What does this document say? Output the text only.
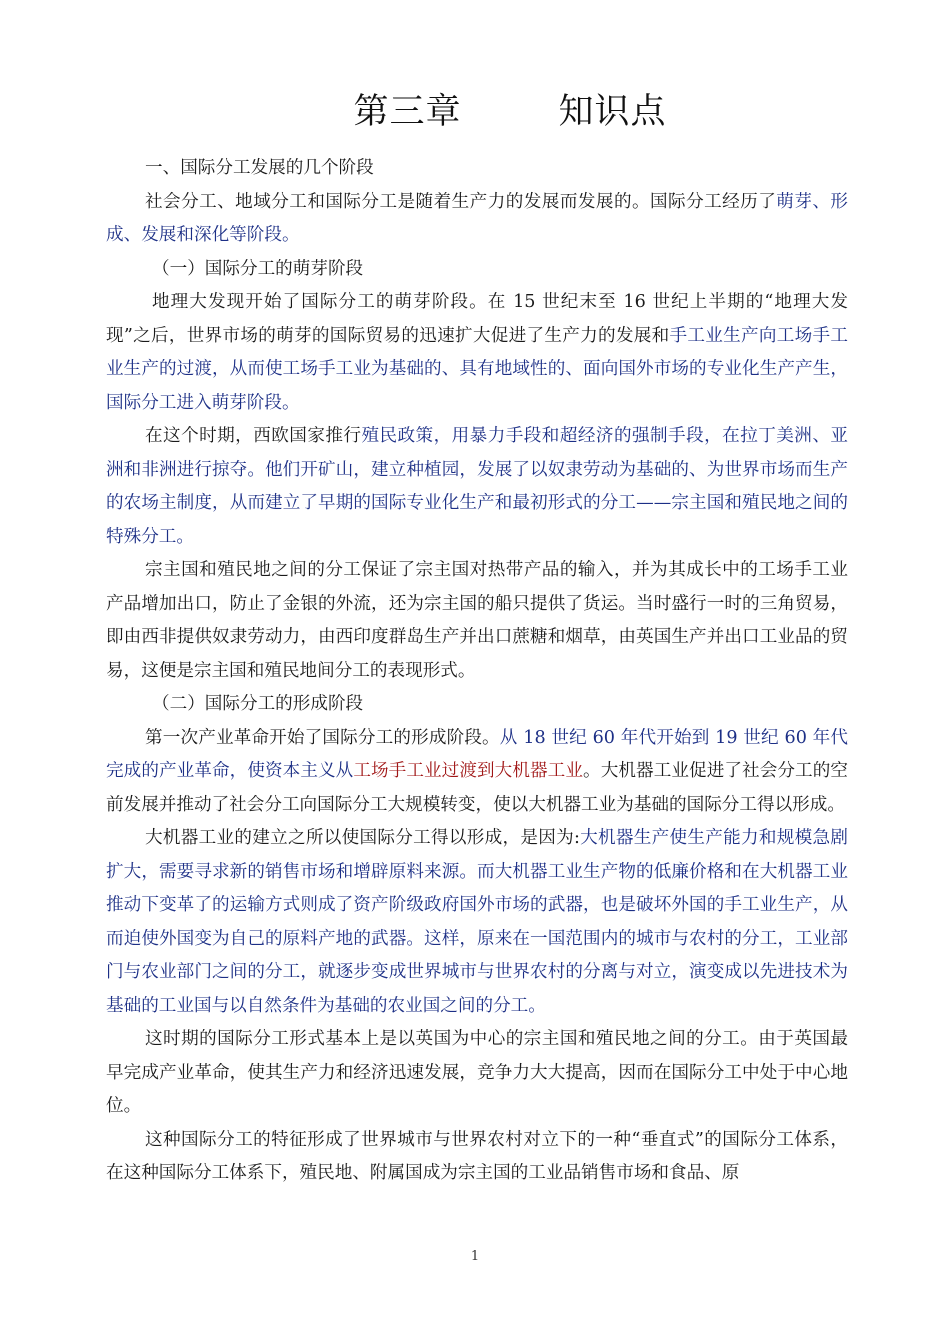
第三章        知识点

一、国际分工发展的几个阶段

社会分工、地域分工和国际分工是随着生产力的发展而发展的。国际分工经历了萌芽、形成、发展和深化等阶段。

（一）国际分工的萌芽阶段

地理大发现开始了国际分工的萌芽阶段。在 15 世纪末至 16 世纪上半期的“地理大发现”之后，世界市场的萌芽的国际贸易的迅速扩大促进了生产力的发展和手工业生产向工场手工业生产的过渡，从而使工场手工业为基础的、具有地域性的、面向国外市场的专业化生产产生，国际分工进入萌芽阶段。

在这个时期，西欧国家推行殖民政策，用暴力手段和超经济的强制手段，在拉丁美洲、亚洲和非洲进行掠夺。他们开矿山，建立种植园，发展了以奴隶劳动为基础的、为世界市场而生产的农场主制度，从而建立了早期的国际专业化生产和最初形式的分工——宗主国和殖民地之间的特殊分工。

宗主国和殖民地之间的分工保证了宗主国对热带产品的输入，并为其成长中的工场手工业产品增加出口，防止了金银的外流，还为宗主国的船只提供了货运。当时盛行一时的三角贸易，即由西非提供奴隶劳动力，由西印度群岛生产并出口蔗糖和烟草，由英国生产并出口工业品的贸易，这便是宗主国和殖民地间分工的表现形式。

（二）国际分工的形成阶段

第一次产业革命开始了国际分工的形成阶段。从 18 世纪 60 年代开始到 19 世纪 60 年代完成的产业革命，使资本主义从工场手工业过渡到大机器工业。大机器工业促进了社会分工的空前发展并推动了社会分工向国际分工大规模转变，使以大机器工业为基础的国际分工得以形成。

大机器工业的建立之所以使国际分工得以形成，是因为:大机器生产使生产能力和规模急剧扩大，需要寻求新的销售市场和增辟原料来源。而大机器工业生产物的低廉价格和在大机器工业推动下变革了的运输方式则成了资产阶级政府国外市场的武器，也是破坏外国的手工业生产，从而迫使外国变为自己的原料产地的武器。这样，原来在一国范围内的城市与农村的分工，工业部门与农业部门之间的分工，就逐步变成世界城市与世界农村的分离与对立，演变成以先进技术为基础的工业国与以自然条件为基础的农业国之间的分工。

这时期的国际分工形式基本上是以英国为中心的宗主国和殖民地之间的分工。由于英国最早完成产业革命，使其生产力和经济迅速发展，竞争力大大提高，因而在国际分工中处于中心地位。

这种国际分工的特征形成了世界城市与世界农村对立下的一种“垂直式”的国际分工体系，在这种国际分工体系下，殖民地、附属国成为宗主国的工业品销售市场和食品、原

1
